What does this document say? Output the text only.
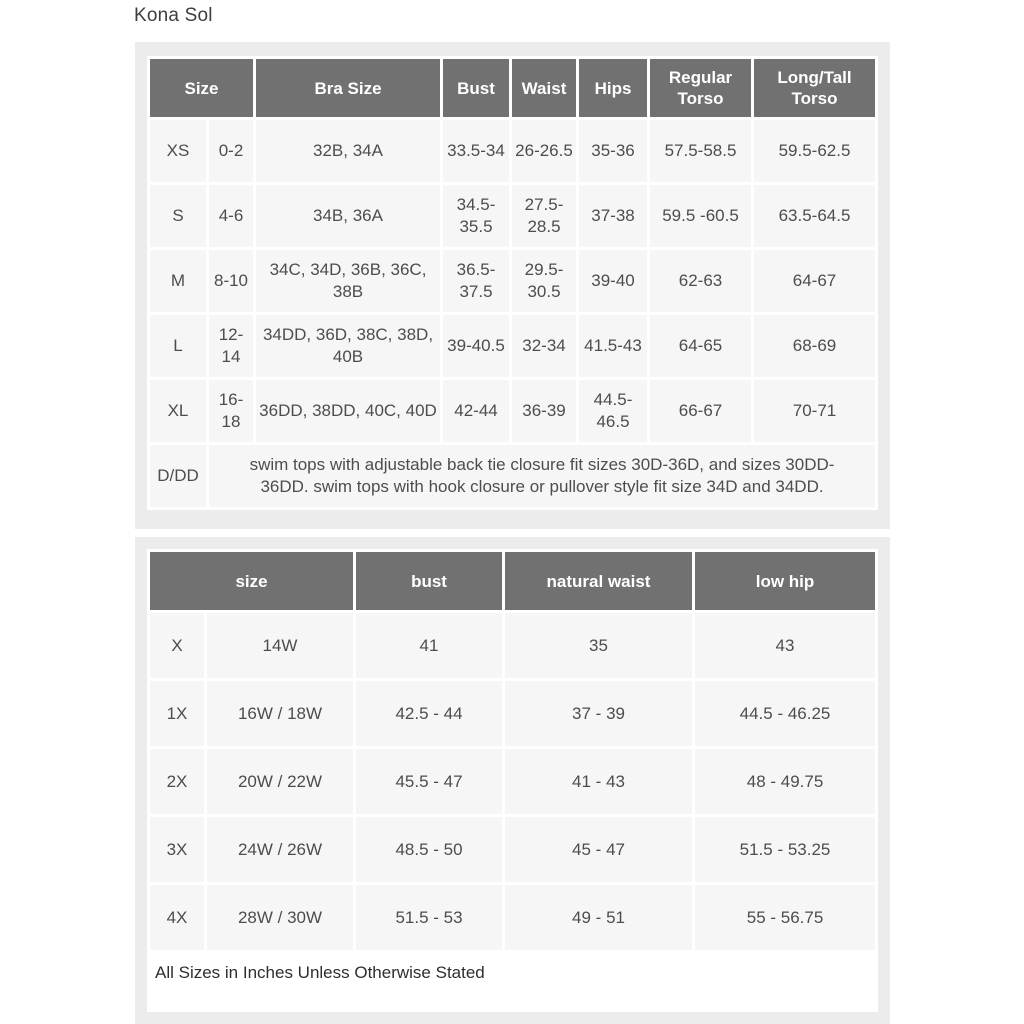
Kona Sol
Size		Bra Size	Bust	Waist	Hips	Regular Torso	Long/Tall Torso
XS	0-2	32B, 34A	33.5-34	26-26.5	35-36	57.5-58.5	59.5-62.5
S	4-6	34B, 36A	34.5-35.5	27.5-28.5	37-38	59.5 -60.5	63.5-64.5
M	8-10	34C, 34D, 36B, 36C, 38B	36.5-37.5	29.5-30.5	39-40	62-63	64-67
L	12-14	34DD, 36D, 38C, 38D, 40B	39-40.5	32-34	41.5-43	64-65	68-69
XL	16-18	36DD, 38DD, 40C, 40D	42-44	36-39	44.5-46.5	66-67	70-71
D/DD	swim tops with adjustable back tie closure fit sizes 30D-36D, and sizes 30DD-36DD. swim tops with hook closure or pullover style fit size 34D and 34DD.						
size		bust	natural waist	low hip
X	14W	41	35	43
1X	16W / 18W	42.5 - 44	37 - 39	44.5 - 46.25
2X	20W / 22W	45.5 - 47	41 - 43	48 - 49.75
3X	24W / 26W	48.5 - 50	45 - 47	51.5 - 53.25
4X	28W / 30W	51.5 - 53	49 - 51	55 - 56.75
All Sizes in Inches Unless Otherwise Stated
